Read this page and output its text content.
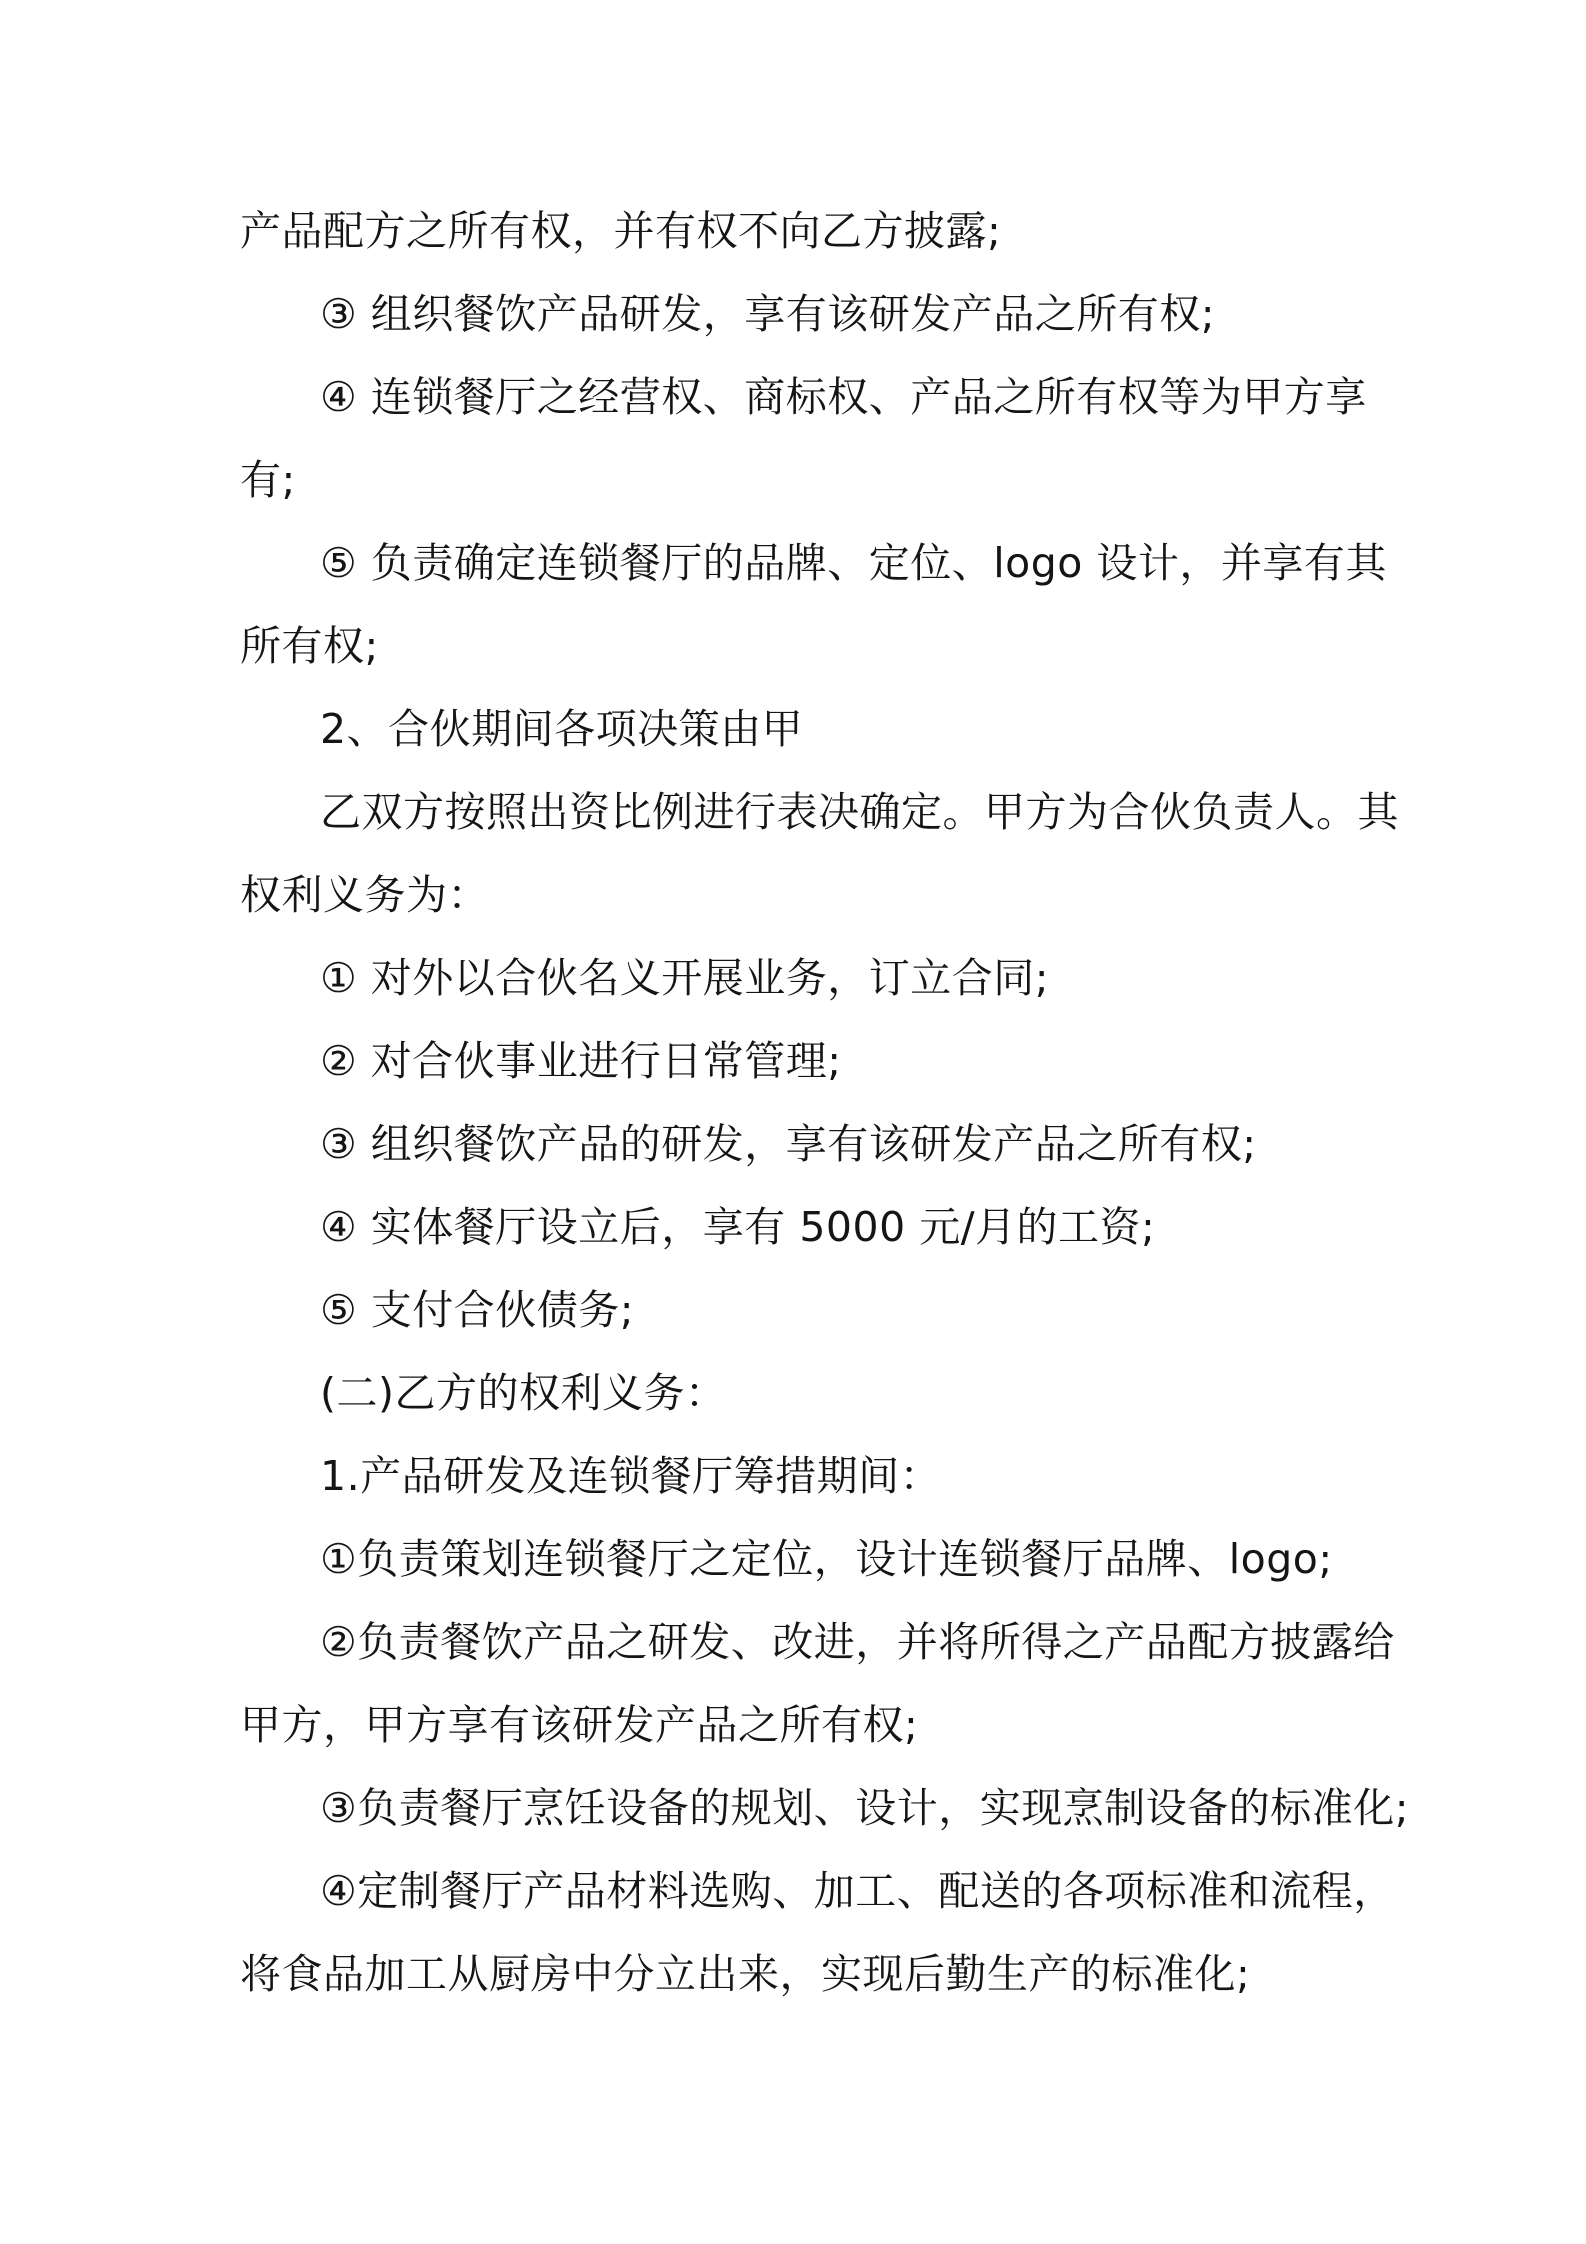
产品配方之所有权，并有权不向乙方披露;

③ 组织餐饮产品研发，享有该研发产品之所有权;

④ 连锁餐厅之经营权、商标权、产品之所有权等为甲方享

有;

⑤ 负责确定连锁餐厅的品牌、定位、logo 设计，并享有其

所有权;

2、合伙期间各项决策由甲

乙双方按照出资比例进行表决确定。甲方为合伙负责人。其

权利义务为：

① 对外以合伙名义开展业务，订立合同;

② 对合伙事业进行日常管理;

③ 组织餐饮产品的研发，享有该研发产品之所有权;

④ 实体餐厅设立后，享有 5000 元/月的工资;

⑤ 支付合伙债务;

(二)乙方的权利义务：

1.产品研发及连锁餐厅筹措期间：

①负责策划连锁餐厅之定位，设计连锁餐厅品牌、logo;

②负责餐饮产品之研发、改进，并将所得之产品配方披露给

甲方，甲方享有该研发产品之所有权;

③负责餐厅烹饪设备的规划、设计，实现烹制设备的标准化;

④定制餐厅产品材料选购、加工、配送的各项标准和流程，

将食品加工从厨房中分立出来，实现后勤生产的标准化;
